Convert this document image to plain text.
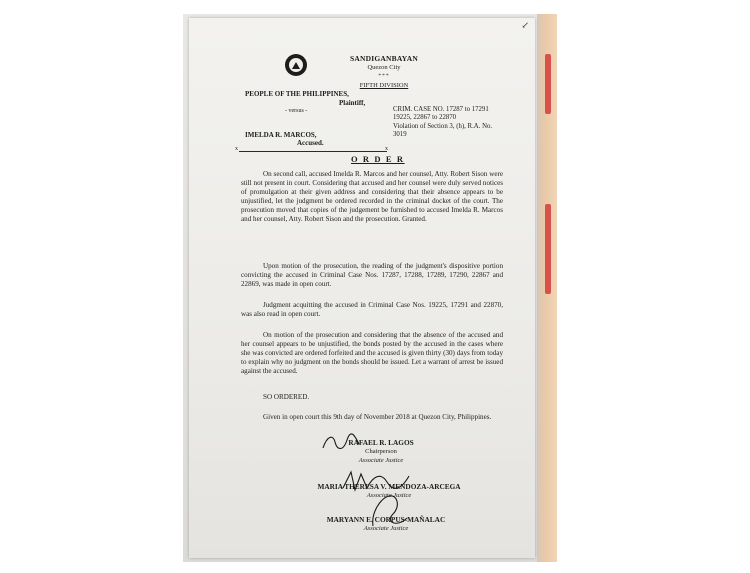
↙
SANDIGANBAYAN
Quezon City
***
FIFTH DIVISION
PEOPLE OF THE PHILIPPINES,
Plaintiff,
- versus -	CRIM. CASE NO. 17287 to 17291
19225, 22867 to 22870
Violation of Section 3, (h), R.A. No.
3019
IMELDA R. MARCOS,
Accused.
x	x
O R D E R
On second call, accused Imelda R. Marcos and her counsel, Atty. Robert Sison were still not present in court. Considering that accused and her counsel were duly served notices of promulgation at their given address and considering that their absence appears to be unjustified, let the judgment be ordered recorded in the criminal docket of the court. The prosecution moved that copies of the judgement be furnished to accused Imelda R. Marcos and her counsel, Atty. Robert Sison and the prosecution. Granted.
Upon motion of the prosecution, the reading of the judgment's dispositive portion convicting the accused in Criminal Case Nos. 17287, 17288, 17289, 17290, 22867 and 22869, was made in open court.
Judgment acquitting the accused in Criminal Case Nos. 19225, 17291 and 22870, was also read in open court.
On motion of the prosecution and considering that the absence of the accused and her counsel appears to be unjustified, the bonds posted by the accused in the cases where she was convicted are ordered forfeited and the accused is given thirty (30) days from today to explain why no judgment on the bonds should be issued. Let a warrant of arrest be issued against the accused.
SO ORDERED.
Given in open court this 9th day of November 2018 at Quezon City, Philippines.
RAFAEL R. LAGOS
Chairperson
Associate Justice
MARIA THERESA V. MENDOZA-ARCEGA
Associate Justice
MARYANN E. CORPUS-MAÑALAC
Associate Justice
